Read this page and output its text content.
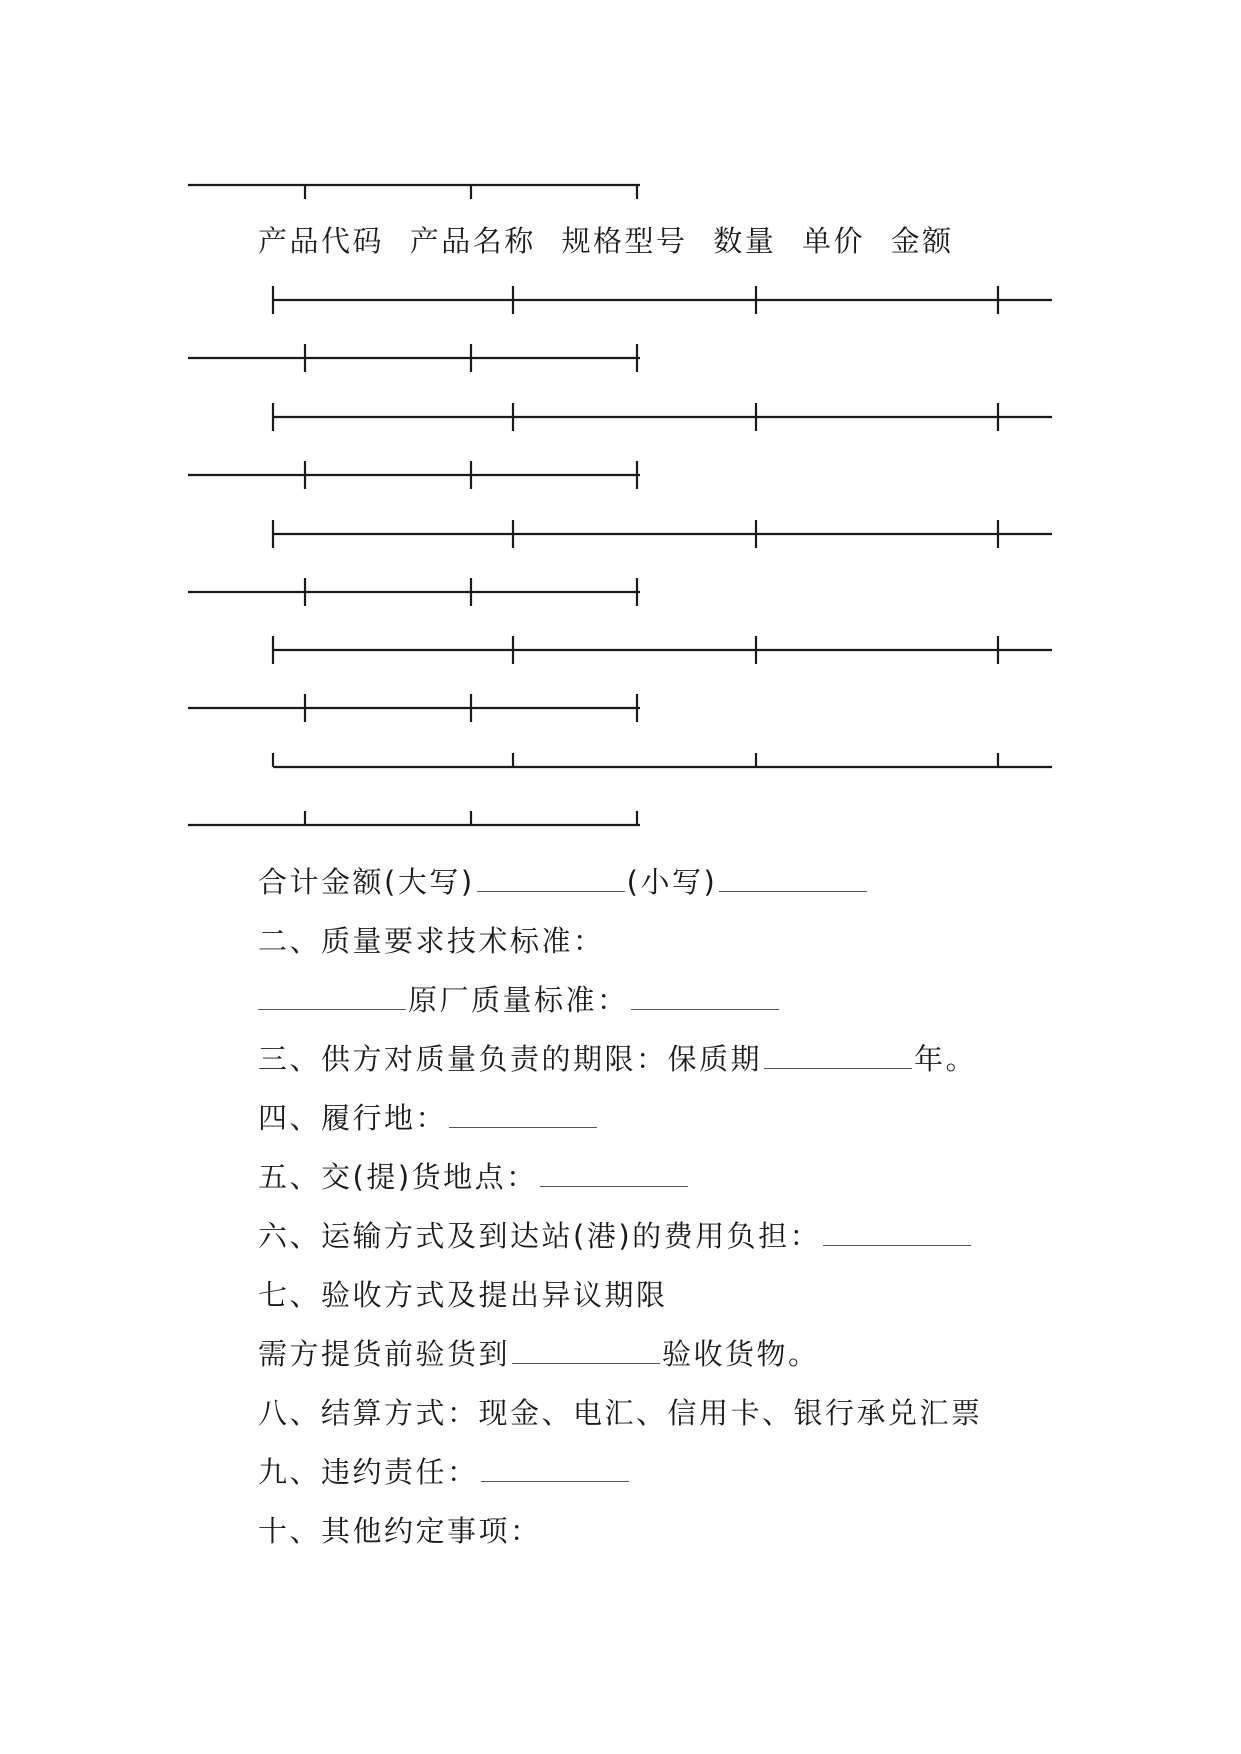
产品代码 产品名称 规格型号 数量 单价 金额
合计金额(大写)	(小写)
二、质量要求技术标准：
原厂质量标准：
三、供方对质量负责的期限：保质期	年。
四、履行地：
五、交(提)货地点：
六、运输方式及到达站(港)的费用负担：
七、验收方式及提出异议期限
需方提货前验货到	验收货物。
八、结算方式：现金、电汇、信用卡、银行承兑汇票
九、违约责任：
十、其他约定事项：
